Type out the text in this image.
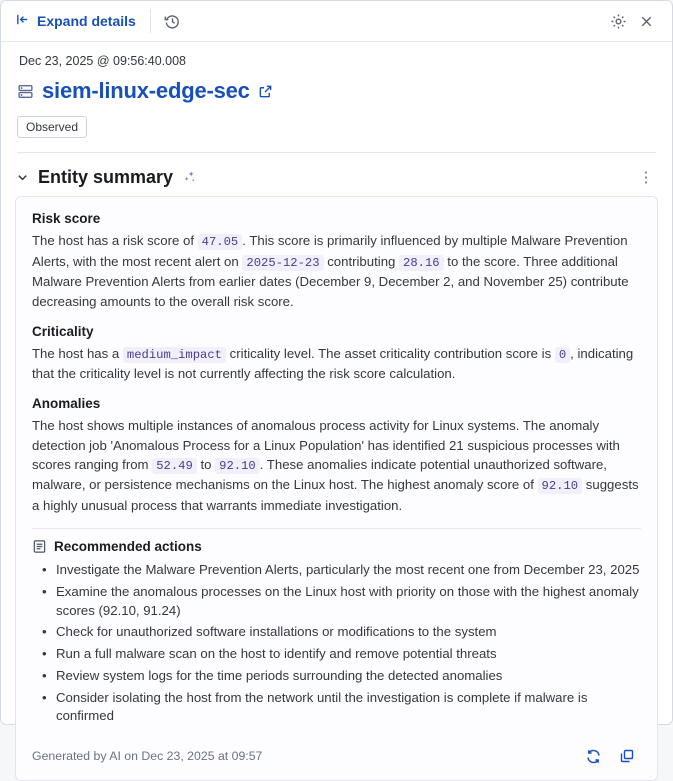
Expand details
Dec 23, 2025 @ 09:56:40.008
siem-linux-edge-sec
Observed
Entity summary	⋮
Risk score

The host has a risk score of 47.05 . This score is primarily influenced by multiple Malware Prevention Alerts, with the most recent alert on 2025-12-23 contributing 28.16 to the score. Three additional Malware Prevention Alerts from earlier dates (December 9, December 2, and November 25) contribute decreasing amounts to the overall risk score.

Criticality

The host has a medium_impact criticality level. The asset criticality contribution score is 0 , indicating that the criticality level is not currently affecting the risk score calculation.

Anomalies

The host shows multiple instances of anomalous process activity for Linux systems. The anomaly detection job 'Anomalous Process for a Linux Population' has identified 21 suspicious processes with scores ranging from 52.49 to 92.10 . These anomalies indicate potential unauthorized software, malware, or persistence mechanisms on the Linux host. The highest anomaly score of 92.10 suggests a highly unusual process that warrants immediate investigation.

Recommended actions
• Investigate the Malware Prevention Alerts, particularly the most recent one from December 23, 2025
• Examine the anomalous processes on the Linux host with priority on those with the highest anomaly scores (92.10, 91.24)
• Check for unauthorized software installations or modifications to the system
• Run a full malware scan on the host to identify and remove potential threats
• Review system logs for the time periods surrounding the detected anomalies
• Consider isolating the host from the network until the investigation is complete if malware is confirmed
Generated by AI on Dec 23, 2025 at 09:57
